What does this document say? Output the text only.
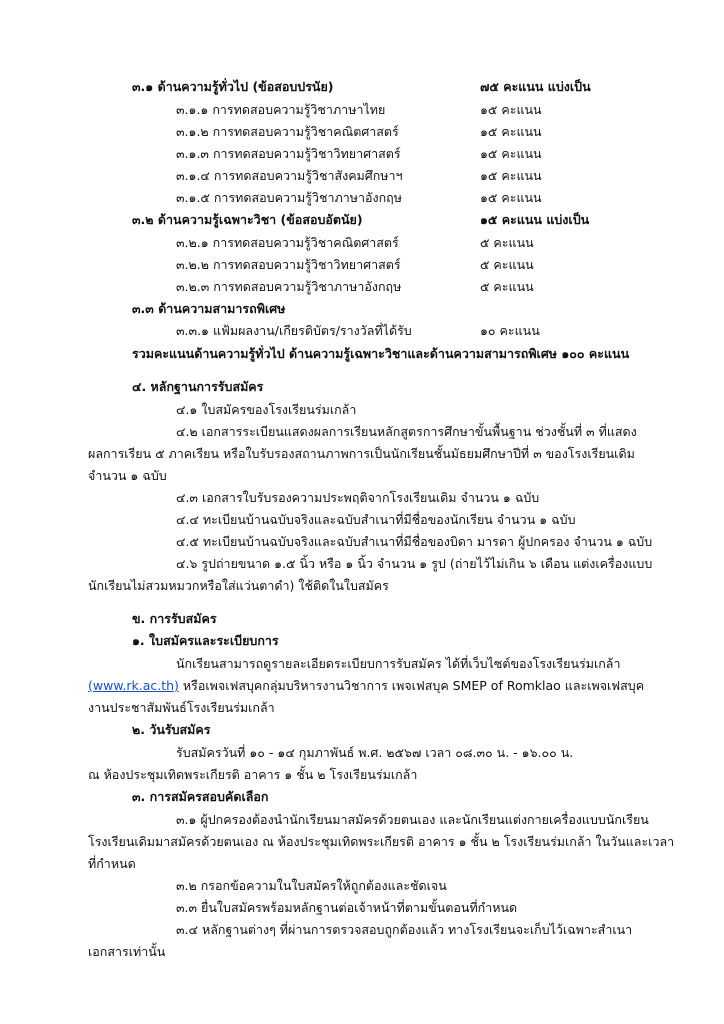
๓.๑ ด้านความรู้ทั่วไป (ข้อสอบปรนัย)	๗๕ คะแนน แบ่งเป็น
๓.๑.๑ การทดสอบความรู้วิชาภาษาไทย	๑๕ คะแนน
๓.๑.๒ การทดสอบความรู้วิชาคณิตศาสตร์	๑๕ คะแนน
๓.๑.๓ การทดสอบความรู้วิชาวิทยาศาสตร์	๑๕ คะแนน
๓.๑.๔ การทดสอบความรู้วิชาสังคมศึกษาฯ	๑๕ คะแนน
๓.๑.๕ การทดสอบความรู้วิชาภาษาอังกฤษ	๑๕ คะแนน
๓.๒ ด้านความรู้เฉพาะวิชา (ข้อสอบอัตนัย)	๑๕ คะแนน แบ่งเป็น
๓.๒.๑ การทดสอบความรู้วิชาคณิตศาสตร์	๕ คะแนน
๓.๒.๒ การทดสอบความรู้วิชาวิทยาศาสตร์	๕ คะแนน
๓.๒.๓ การทดสอบความรู้วิชาภาษาอังกฤษ	๕ คะแนน
๓.๓ ด้านความสามารถพิเศษ
๓.๓.๑ แฟ้มผลงาน/เกียรติบัตร/รางวัลที่ได้รับ	๑๐ คะแนน
รวมคะแนนด้านความรู้ทั่วไป ด้านความรู้เฉพาะวิชาและด้านความสามารถพิเศษ ๑๐๐ คะแนน
๔. หลักฐานการรับสมัคร
๔.๑ ใบสมัครของโรงเรียนร่มเกล้า
๔.๒ เอกสารระเบียนแสดงผลการเรียนหลักสูตรการศึกษาขั้นพื้นฐาน ช่วงชั้นที่ ๓ ที่แสดง
ผลการเรียน ๕ ภาคเรียน หรือใบรับรองสถานภาพการเป็นนักเรียนชั้นมัธยมศึกษาปีที่ ๓ ของโรงเรียนเดิม
จำนวน ๑ ฉบับ
๔.๓ เอกสารใบรับรองความประพฤติจากโรงเรียนเดิม จำนวน ๑ ฉบับ
๔.๔ ทะเบียนบ้านฉบับจริงและฉบับสำเนาที่มีชื่อของนักเรียน จำนวน ๑ ฉบับ
๔.๕ ทะเบียนบ้านฉบับจริงและฉบับสำเนาที่มีชื่อของบิดา มารดา ผู้ปกครอง จำนวน ๑ ฉบับ
๔.๖ รูปถ่ายขนาด ๑.๕ นิ้ว หรือ ๑ นิ้ว จำนวน ๑ รูป (ถ่ายไว้ไม่เกิน ๖ เดือน แต่งเครื่องแบบ
นักเรียนไม่สวมหมวกหรือใส่แว่นตาดำ) ใช้ติดในใบสมัคร
ข. การรับสมัคร
๑. ใบสมัครและระเบียบการ
นักเรียนสามารถดูรายละเอียดระเบียบการรับสมัคร ได้ที่เว็บไซต์ของโรงเรียนร่มเกล้า
(www.rk.ac.th) หรือเพจเฟสบุคกลุ่มบริหารงานวิชาการ เพจเฟสบุค SMEP of Romklao และเพจเฟสบุค
งานประชาสัมพันธ์โรงเรียนร่มเกล้า
๒. วันรับสมัคร
รับสมัครวันที่ ๑๐ - ๑๔ กุมภาพันธ์ พ.ศ. ๒๕๖๗ เวลา ๐๘.๓๐ น. - ๑๖.๐๐ น.
ณ ห้องประชุมเทิดพระเกียรติ อาคาร ๑ ชั้น ๒ โรงเรียนร่มเกล้า
๓. การสมัครสอบคัดเลือก
๓.๑ ผู้ปกครองต้องนำนักเรียนมาสมัครด้วยตนเอง และนักเรียนแต่งกายเครื่องแบบนักเรียน
โรงเรียนเดิมมาสมัครด้วยตนเอง ณ ห้องประชุมเทิดพระเกียรติ อาคาร ๑ ชั้น ๒ โรงเรียนร่มเกล้า ในวันและเวลา
ที่กำหนด
๓.๒ กรอกข้อความในใบสมัครให้ถูกต้องและชัดเจน
๓.๓ ยื่นใบสมัครพร้อมหลักฐานต่อเจ้าหน้าที่ตามขั้นตอนที่กำหนด
๓.๔ หลักฐานต่างๆ ที่ผ่านการตรวจสอบถูกต้องแล้ว ทางโรงเรียนจะเก็บไว้เฉพาะสำเนา
เอกสารเท่านั้น
